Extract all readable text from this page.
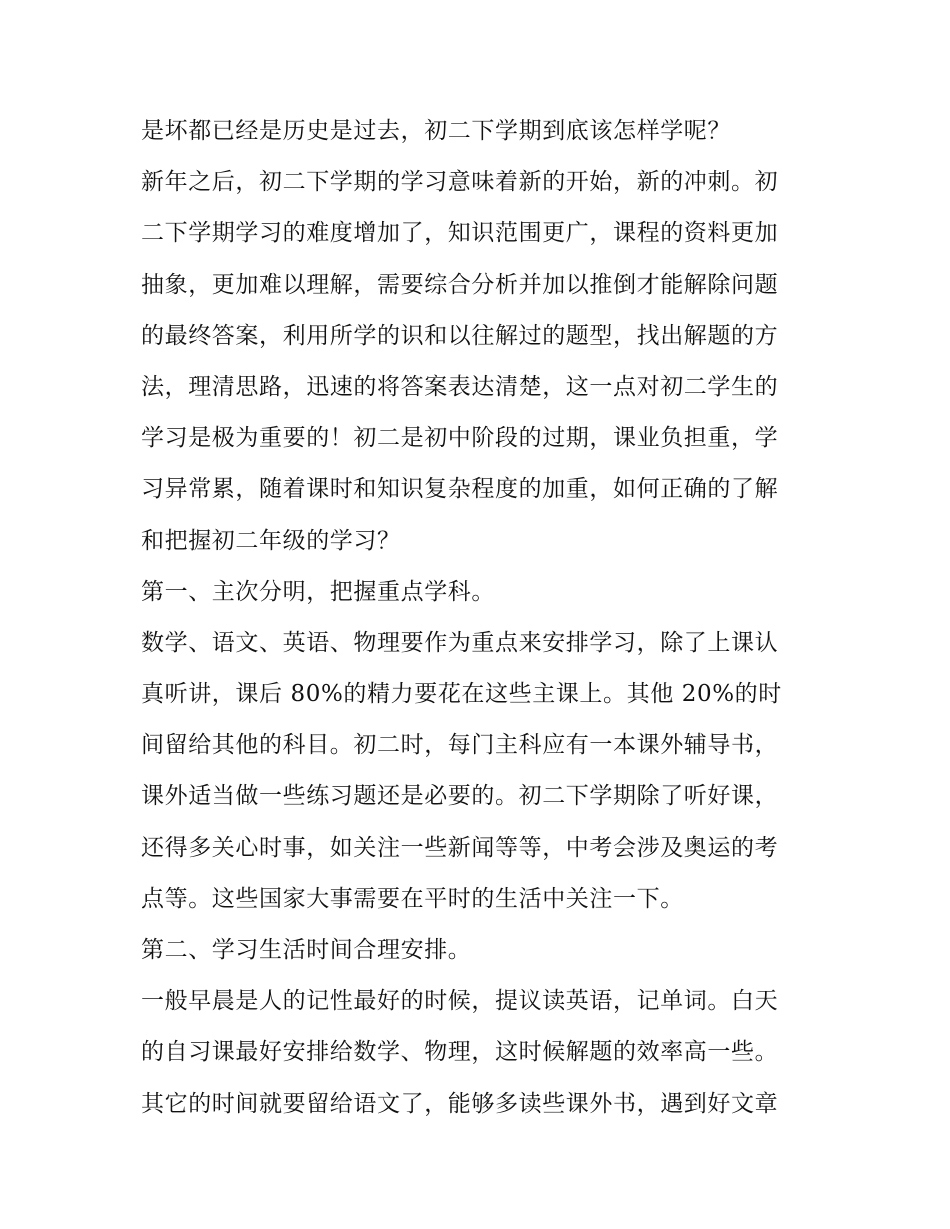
是坏都已经是历史是过去，初二下学期到底该怎样学呢？
新年之后，初二下学期的学习意味着新的开始，新的冲刺。初
二下学期学习的难度增加了，知识范围更广，课程的资料更加
抽象，更加难以理解，需要综合分析并加以推倒才能解除问题
的最终答案，利用所学的识和以往解过的题型，找出解题的方
法，理清思路，迅速的将答案表达清楚，这一点对初二学生的
学习是极为重要的！初二是初中阶段的过期，课业负担重，学
习异常累，随着课时和知识复杂程度的加重，如何正确的了解
和把握初二年级的学习？
第一、主次分明，把握重点学科。
数学、语文、英语、物理要作为重点来安排学习，除了上课认
真听讲，课后 80%的精力要花在这些主课上。其他 20%的时
间留给其他的科目。初二时，每门主科应有一本课外辅导书，
课外适当做一些练习题还是必要的。初二下学期除了听好课，
还得多关心时事，如关注一些新闻等等，中考会涉及奥运的考
点等。这些国家大事需要在平时的生活中关注一下。
第二、学习生活时间合理安排。
一般早晨是人的记性最好的时候，提议读英语，记单词。白天
的自习课最好安排给数学、物理，这时候解题的效率高一些。
其它的时间就要留给语文了，能够多读些课外书，遇到好文章
